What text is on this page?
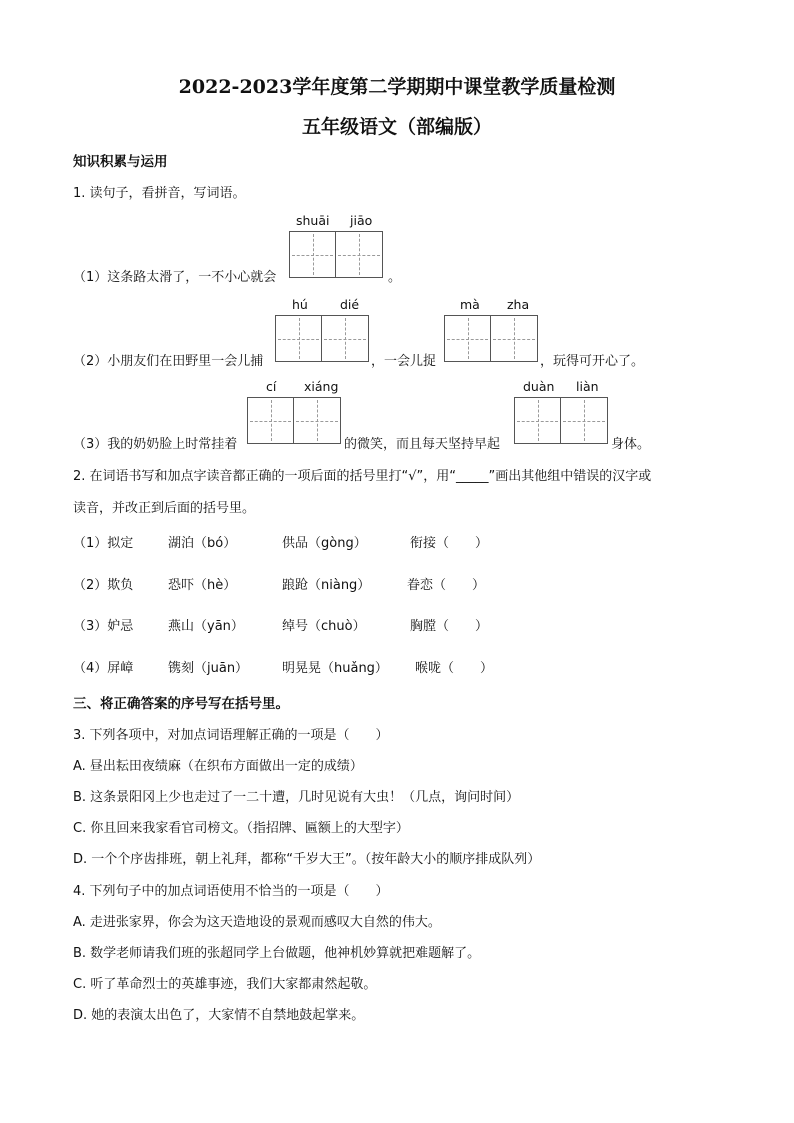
2022-2023学年度第二学期期中课堂教学质量检测
五年级语文（部编版）
知识积累与运用
1. 读句子，看拼音，写词语。
shuāi jiāo
（1）这条路太滑了，一不小心就会	。
hú	dié	mà zha
（2）小朋友们在田野里一会儿捕	，一会儿捉	，玩得可开心了。
cí xiáng	duàn liàn
（3）我的奶奶脸上时常挂着	的微笑，而且每天坚持早起	身体。
2. 在词语书写和加点字读音都正确的一项后面的括号里打“√”，用“_____”画出其他组中错误的汉字或
读音，并改正到后面的括号里。
（1）拟定	湖泊（bó）	供品（gòng）	衔接（　　）
（2）欺负	恐吓（hè）	踉跄（niàng）	眷恋（　　）
（3）妒忌	燕山（yān）	绰号（chuò）	胸膛（　　）
（4）屏嶂	镌刻（juān）	明晃晃（huǎng） 喉咙（　　）
三、将正确答案的序号写在括号里。
3. 下列各项中，对加点词语理解正确的一项是（　　）
A. 昼出耘田夜绩麻（在织布方面做出一定的成绩）
B. 这条景阳冈上少也走过了一二十遭，几时见说有大虫！（几点，询问时间）
C. 你且回来我家看官司榜文。（指招牌、匾额上的大型字）
D. 一个个序齿排班，朝上礼拜，都称“千岁大王”。（按年龄大小的顺序排成队列）
4. 下列句子中的加点词语使用不恰当的一项是（　　）
A. 走进张家界，你会为这天造地设的景观而感叹大自然的伟大。
B. 数学老师请我们班的张超同学上台做题，他神机妙算就把难题解了。
C. 听了革命烈士的英雄事迹，我们大家都肃然起敬。
D. 她的表演太出色了，大家情不自禁地鼓起掌来。
